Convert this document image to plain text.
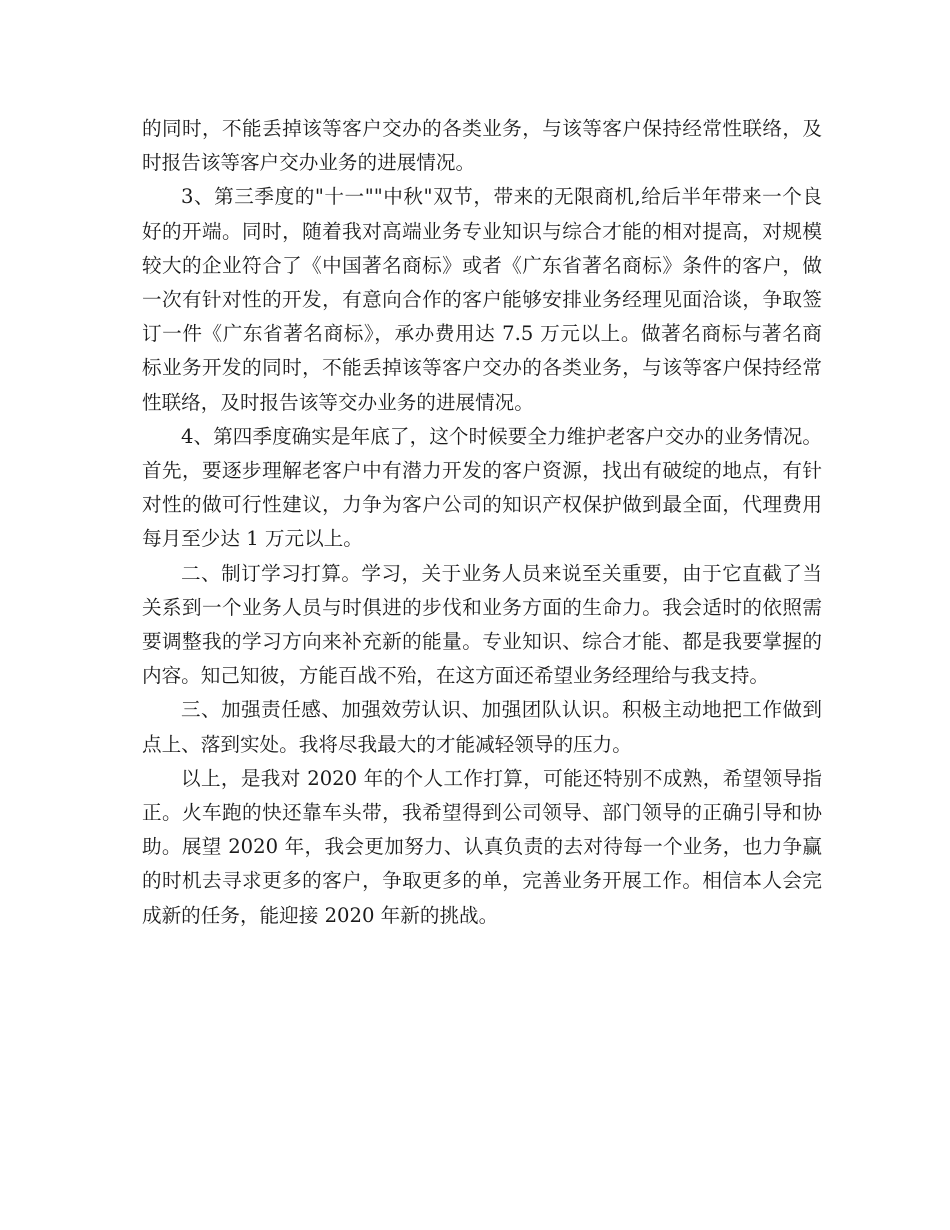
的同时，不能丢掉该等客户交办的各类业务，与该等客户保持经常性联络，及时报告该等客户交办业务的进展情况。

3、第三季度的"十一""中秋"双节，带来的无限商机,给后半年带来一个良好的开端。同时，随着我对高端业务专业知识与综合才能的相对提高，对规模较大的企业符合了《中国著名商标》或者《广东省著名商标》条件的客户，做一次有针对性的开发，有意向合作的客户能够安排业务经理见面洽谈，争取签订一件《广东省著名商标》，承办费用达 7.5 万元以上。做著名商标与著名商标业务开发的同时，不能丢掉该等客户交办的各类业务，与该等客户保持经常性联络，及时报告该等交办业务的进展情况。

4、第四季度确实是年底了，这个时候要全力维护老客户交办的业务情况。首先，要逐步理解老客户中有潜力开发的客户资源，找出有破绽的地点，有针对性的做可行性建议，力争为客户公司的知识产权保护做到最全面，代理费用每月至少达 1 万元以上。

二、制订学习打算。学习，关于业务人员来说至关重要，由于它直截了当关系到一个业务人员与时俱进的步伐和业务方面的生命力。我会适时的依照需要调整我的学习方向来补充新的能量。专业知识、综合才能、都是我要掌握的内容。知己知彼，方能百战不殆，在这方面还希望业务经理给与我支持。

三、加强责任感、加强效劳认识、加强团队认识。积极主动地把工作做到点上、落到实处。我将尽我最大的才能减轻领导的压力。

以上，是我对 2020 年的个人工作打算，可能还特别不成熟，希望领导指正。火车跑的快还靠车头带，我希望得到公司领导、部门领导的正确引导和协助。展望 2020 年，我会更加努力、认真负责的去对待每一个业务，也力争赢的时机去寻求更多的客户，争取更多的单，完善业务开展工作。相信本人会完成新的任务，能迎接 2020 年新的挑战。
